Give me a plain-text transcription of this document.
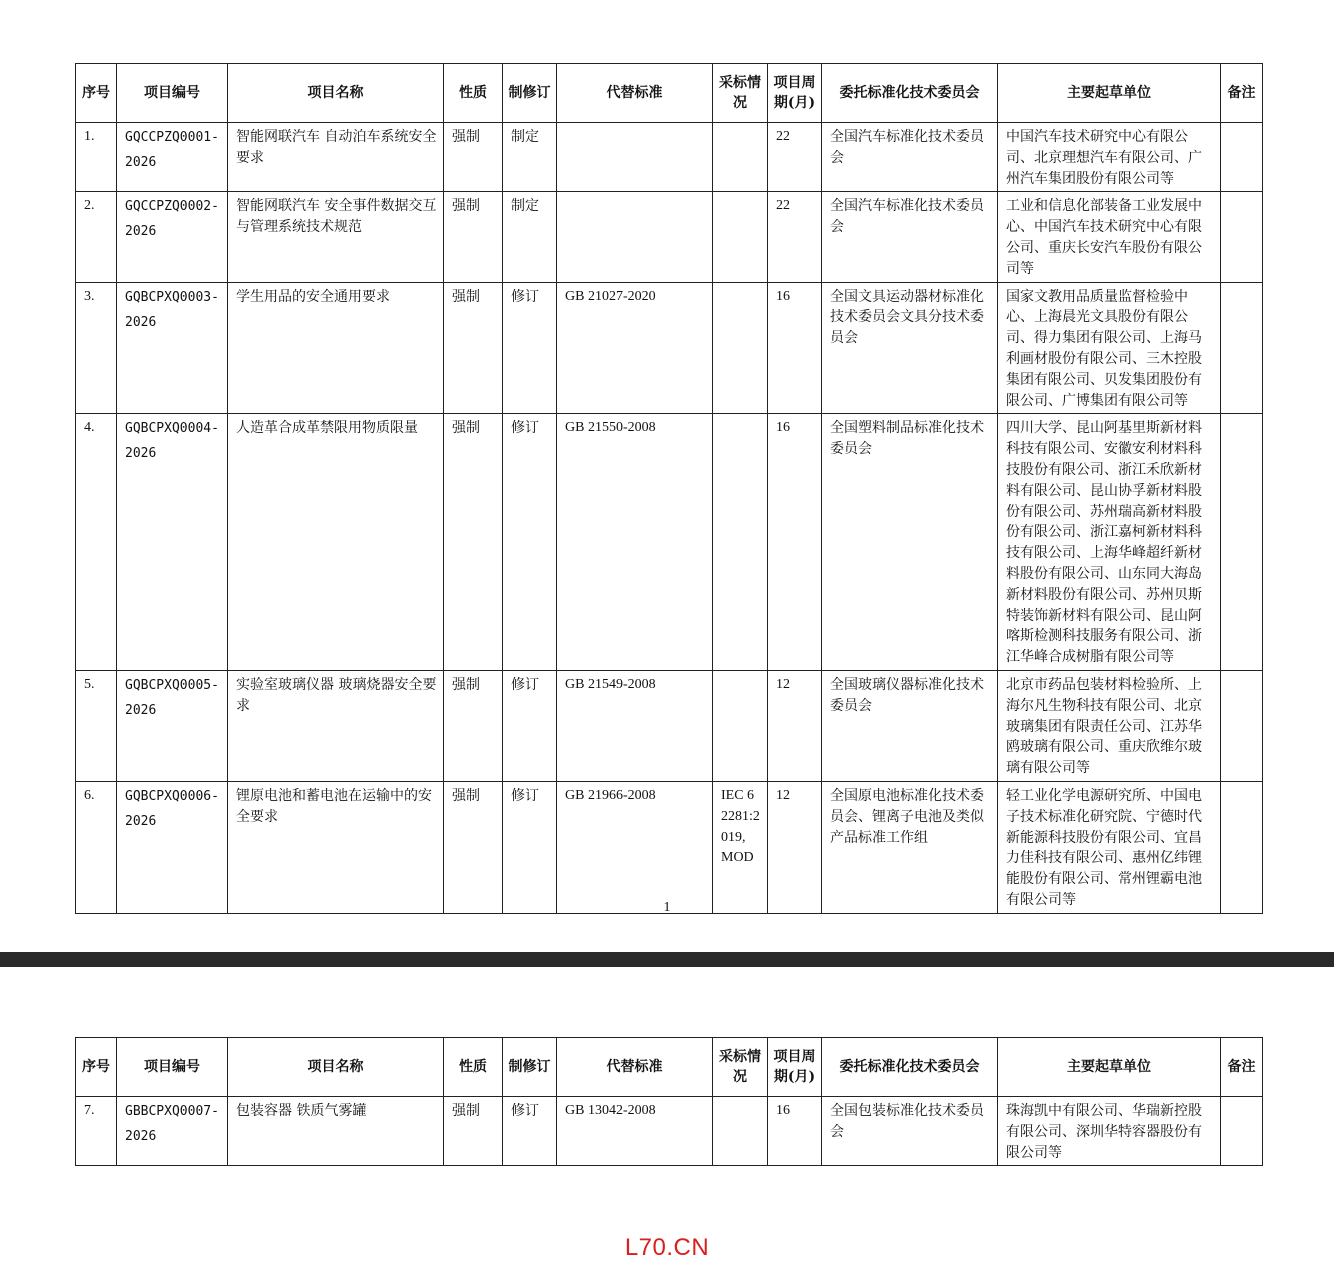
序号	项目编号	项目名称	性质	制修订	代替标准	采标情况	项目周期(月)	委托标准化技术委员会	主要起草单位	备注
1.	GQCCPZQ0001-2026	智能网联汽车 自动泊车系统安全要求	强制	制定			22	全国汽车标准化技术委员会	中国汽车技术研究中心有限公司、北京理想汽车有限公司、广州汽车集团股份有限公司等	
2.	GQCCPZQ0002-2026	智能网联汽车 安全事件数据交互与管理系统技术规范	强制	制定			22	全国汽车标准化技术委员会	工业和信息化部装备工业发展中心、中国汽车技术研究中心有限公司、重庆长安汽车股份有限公司等	
3.	GQBCPXQ0003-2026	学生用品的安全通用要求	强制	修订	GB 21027-2020		16	全国文具运动器材标准化技术委员会文具分技术委员会	国家文教用品质量监督检验中心、上海晨光文具股份有限公司、得力集团有限公司、上海马利画材股份有限公司、三木控股集团有限公司、贝发集团股份有限公司、广博集团有限公司等	
4.	GQBCPXQ0004-2026	人造革合成革禁限用物质限量	强制	修订	GB 21550-2008		16	全国塑料制品标准化技术委员会	四川大学、昆山阿基里斯新材料科技有限公司、安徽安利材料科技股份有限公司、浙江禾欣新材料有限公司、昆山协孚新材料股份有限公司、苏州瑞高新材料股份有限公司、浙江嘉柯新材料科技有限公司、上海华峰超纤新材料股份有限公司、山东同大海岛新材料股份有限公司、苏州贝斯特装饰新材料有限公司、昆山阿喀斯检测科技服务有限公司、浙江华峰合成树脂有限公司等	
5.	GQBCPXQ0005-2026	实验室玻璃仪器 玻璃烧器安全要求	强制	修订	GB 21549-2008		12	全国玻璃仪器标准化技术委员会	北京市药品包装材料检验所、上海尔凡生物科技有限公司、北京玻璃集团有限责任公司、江苏华鸥玻璃有限公司、重庆欣维尔玻璃有限公司等	
6.	GQBCPXQ0006-2026	锂原电池和蓄电池在运输中的安全要求	强制	修订	GB 21966-2008	IEC 62281:2019, MOD	12	全国原电池标准化技术委员会、锂离子电池及类似产品标准工作组	轻工业化学电源研究所、中国电子技术标准化研究院、宁德时代新能源科技股份有限公司、宜昌力佳科技有限公司、惠州亿纬锂能股份有限公司、常州锂霸电池有限公司等	
1
序号	项目编号	项目名称	性质	制修订	代替标准	采标情况	项目周期(月)	委托标准化技术委员会	主要起草单位	备注
7.	GBBCPXQ0007-2026	包装容器 铁质气雾罐	强制	修订	GB 13042-2008		16	全国包装标准化技术委员会	珠海凯中有限公司、华瑞新控股有限公司、深圳华特容器股份有限公司等	
L70.CN
